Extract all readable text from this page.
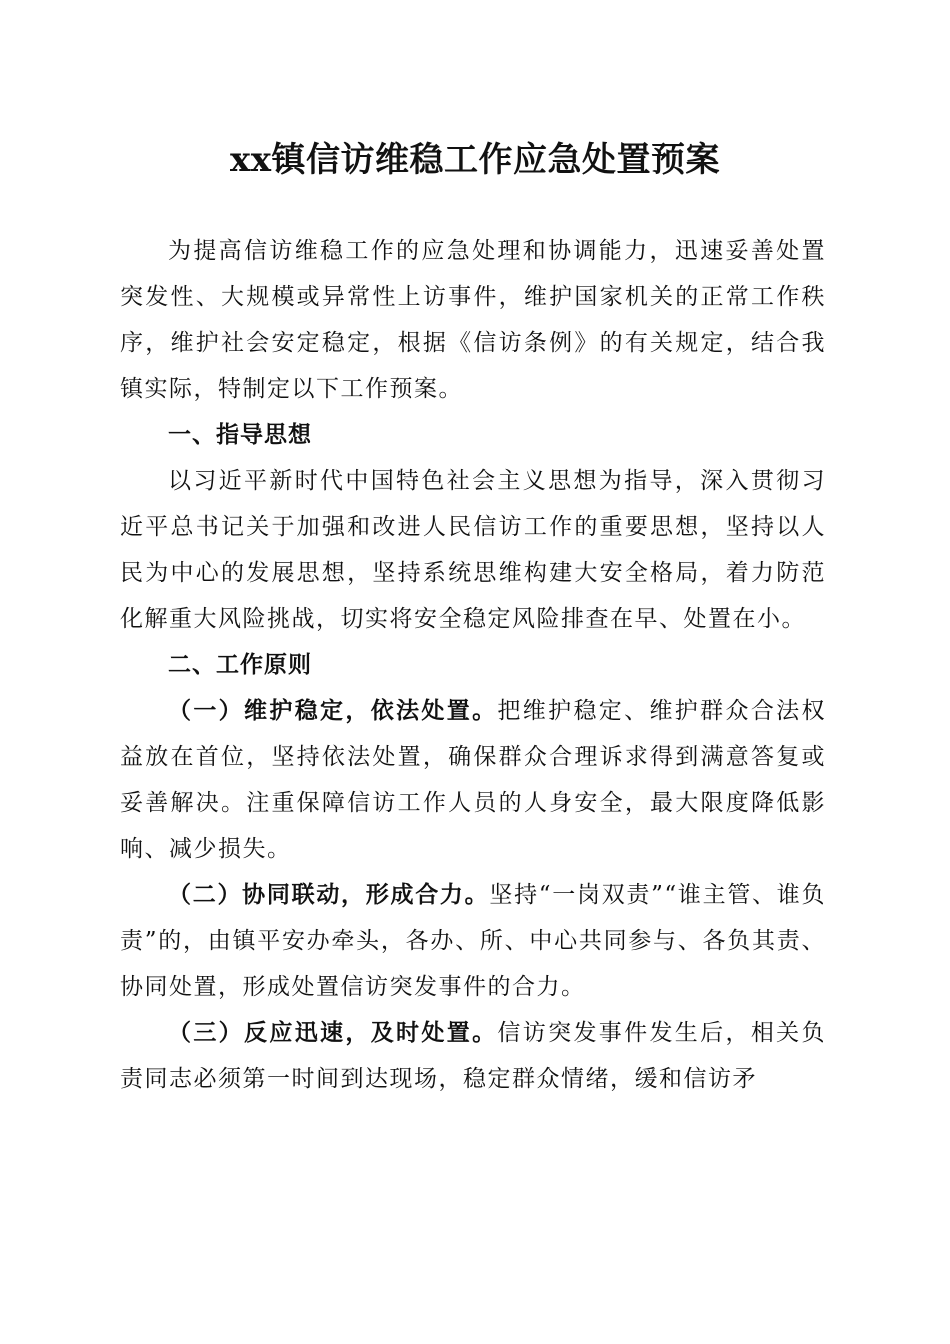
xx镇信访维稳工作应急处置预案

为提高信访维稳工作的应急处理和协调能力，迅速妥善处置突发性、大规模或异常性上访事件，维护国家机关的正常工作秩序，维护社会安定稳定，根据《信访条例》的有关规定，结合我镇实际，特制定以下工作预案。

一、指导思想

以习近平新时代中国特色社会主义思想为指导，深入贯彻习近平总书记关于加强和改进人民信访工作的重要思想，坚持以人民为中心的发展思想，坚持系统思维构建大安全格局，着力防范化解重大风险挑战，切实将安全稳定风险排查在早、处置在小。

二、工作原则

（一）维护稳定，依法处置。把维护稳定、维护群众合法权益放在首位，坚持依法处置，确保群众合理诉求得到满意答复或妥善解决。注重保障信访工作人员的人身安全，最大限度降低影响、减少损失。

（二）协同联动，形成合力。坚持“一岗双责”“谁主管、谁负责”的，由镇平安办牵头，各办、所、中心共同参与、各负其责、协同处置，形成处置信访突发事件的合力。

（三）反应迅速，及时处置。信访突发事件发生后，相关负责同志必须第一时间到达现场，稳定群众情绪，缓和信访矛
